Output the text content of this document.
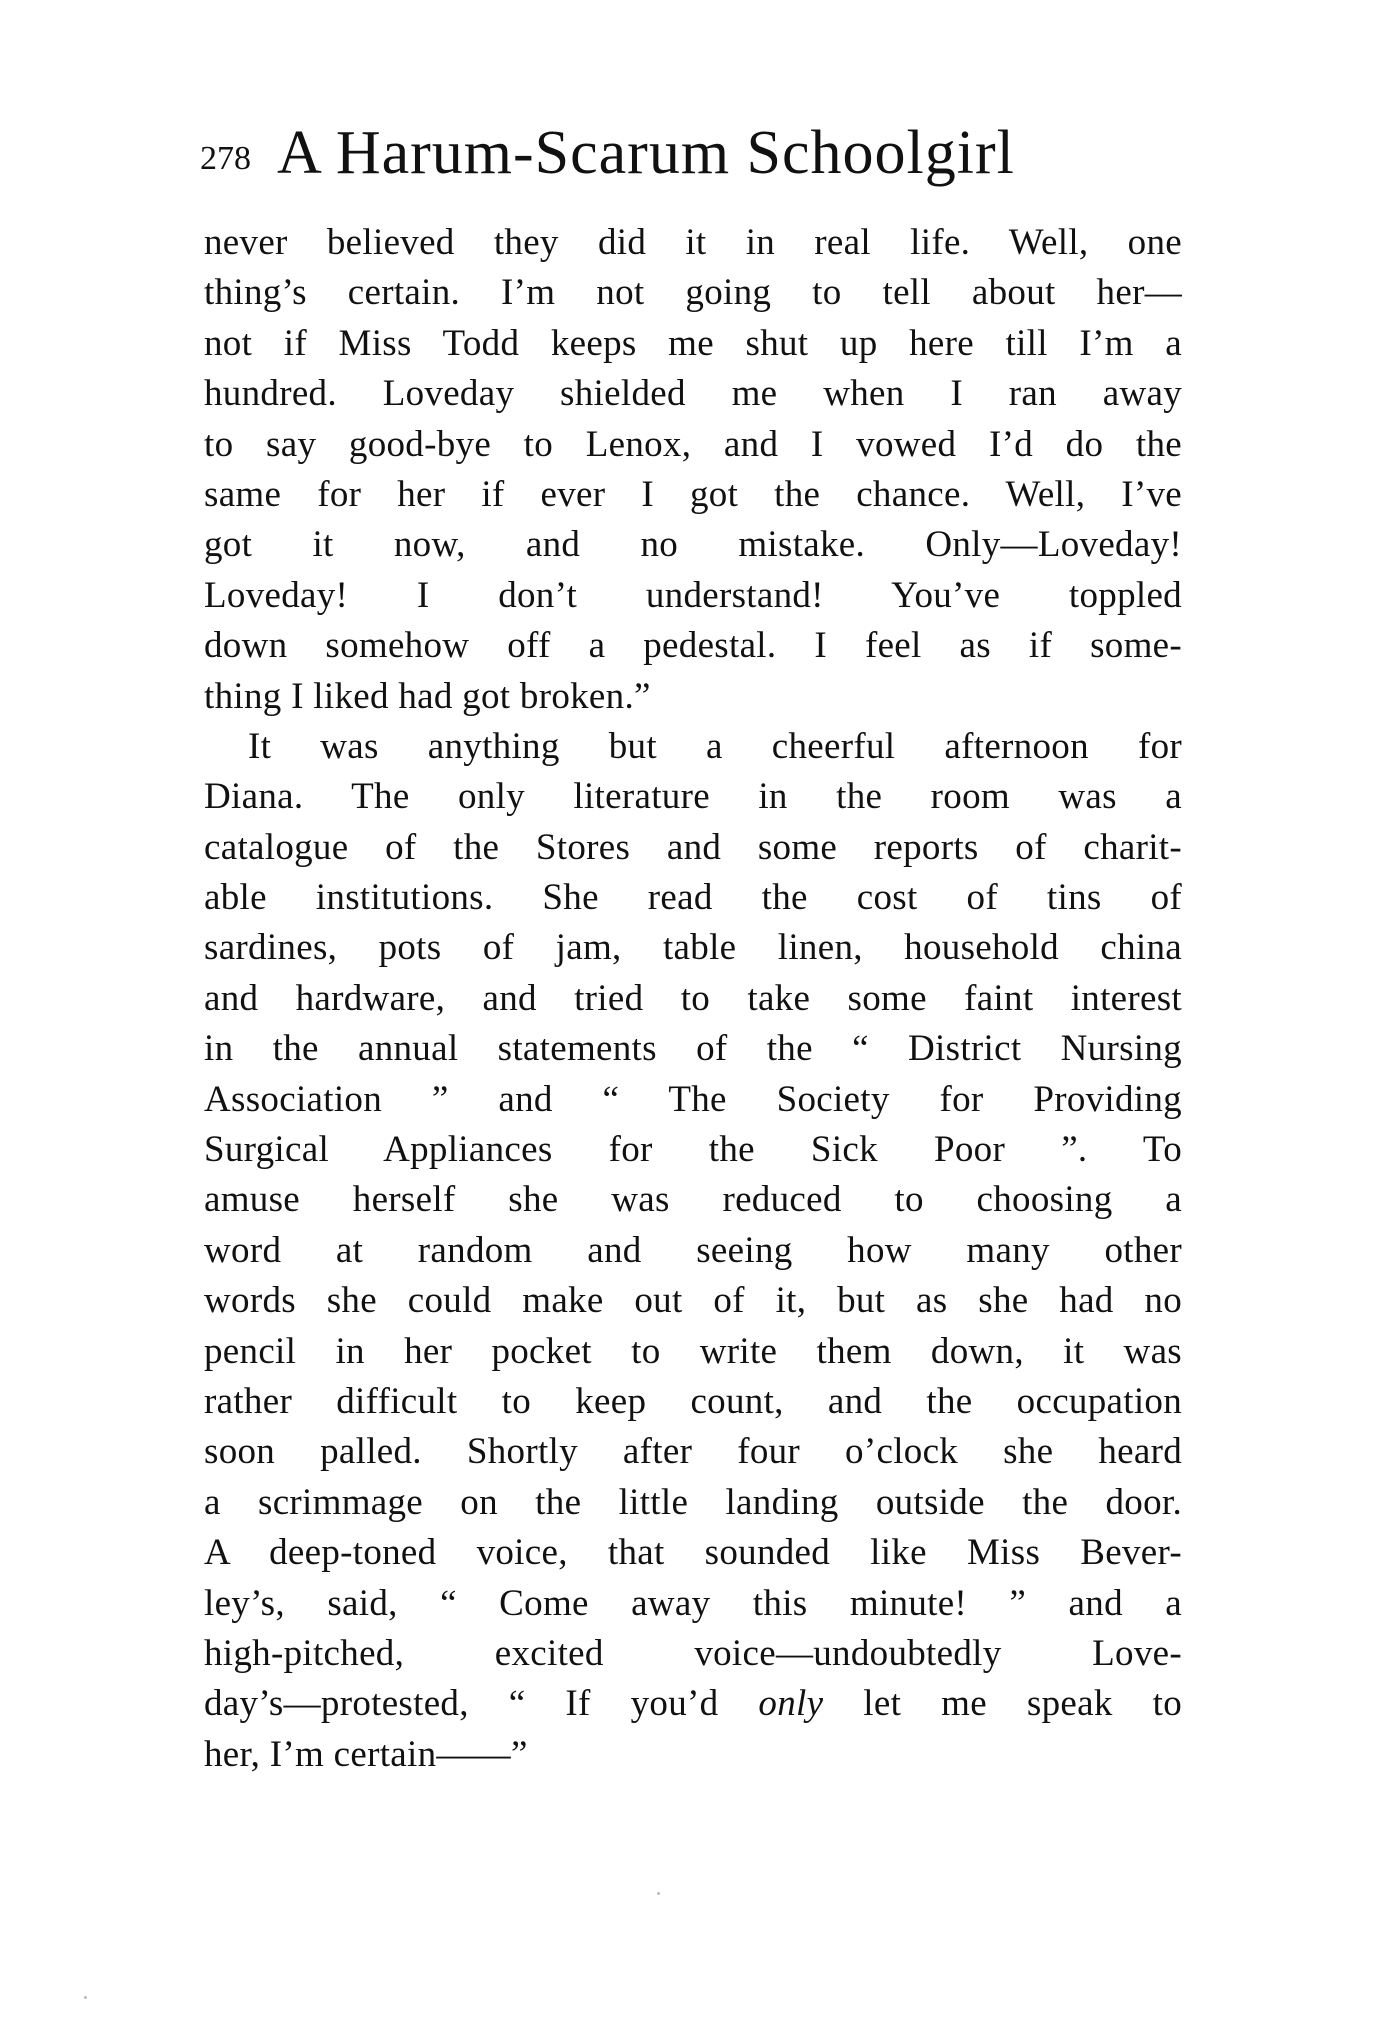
278 A Harum-Scarum Schoolgirl
never believed they did it in real life. Well, one
thing’s certain. I’m not going to tell about her—
not if Miss Todd keeps me shut up here till I’m a
hundred. Loveday shielded me when I ran away
to say good-bye to Lenox, and I vowed I’d do the
same for her if ever I got the chance. Well, I’ve
got it now, and no mistake. Only—Loveday!
Loveday! I don’t understand! You’ve toppled
down somehow off a pedestal. I feel as if some-
thing I liked had got broken.”
It was anything but a cheerful afternoon for
Diana. The only literature in the room was a
catalogue of the Stores and some reports of charit-
able institutions. She read the cost of tins of
sardines, pots of jam, table linen, household china
and hardware, and tried to take some faint interest
in the annual statements of the “ District Nursing
Association ” and “ The Society for Providing
Surgical Appliances for the Sick Poor ”. To
amuse herself she was reduced to choosing a
word at random and seeing how many other
words she could make out of it, but as she had no
pencil in her pocket to write them down, it was
rather difficult to keep count, and the occupation
soon palled. Shortly after four o’clock she heard
a scrimmage on the little landing outside the door.
A deep-toned voice, that sounded like Miss Bever-
ley’s, said, “ Come away this minute! ” and a
high-pitched, excited voice—undoubtedly Love-
day’s—protested, “ If you’d only let me speak to
her, I’m certain——”
